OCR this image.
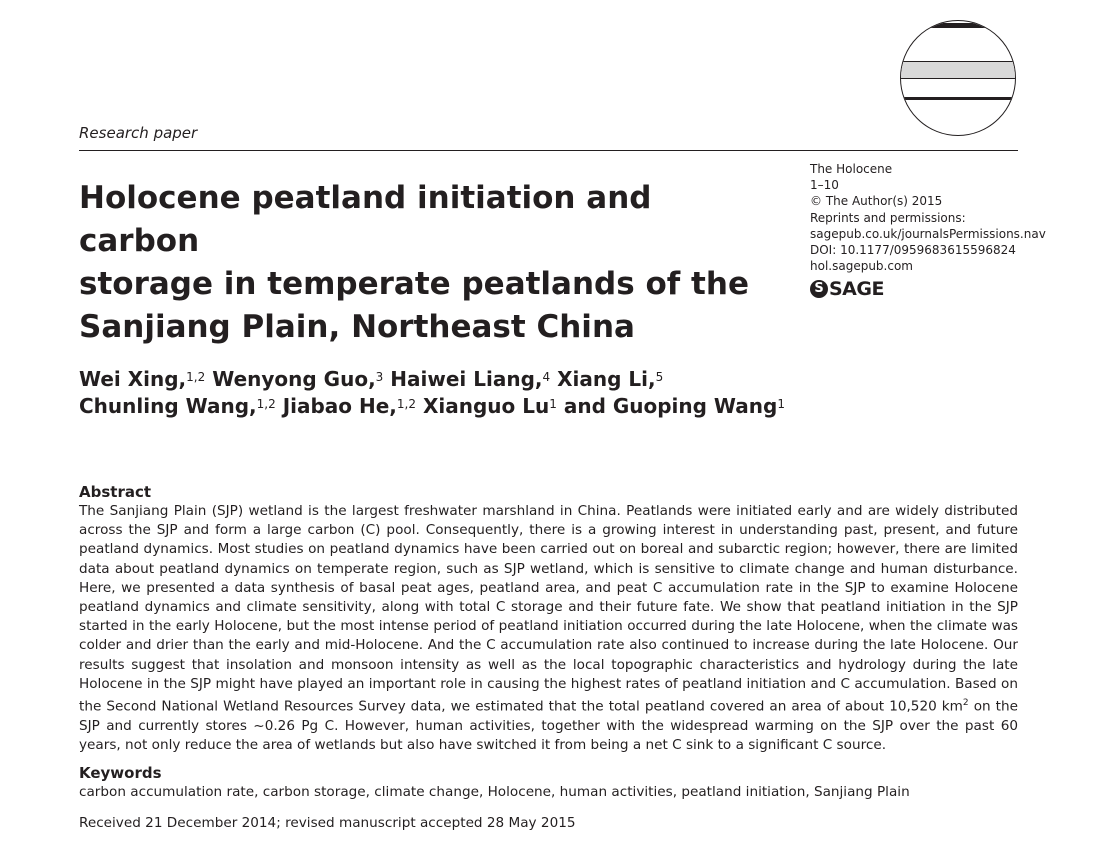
Research paper
Holocene peatland initiation and carbon
storage in temperate peatlands of the
Sanjiang Plain, Northeast China
The Holocene
1–10
© The Author(s) 2015
Reprints and permissions:
sagepub.co.uk/journalsPermissions.nav
DOI: 10.1177/0959683615596824
hol.sagepub.com
S SAGE
Wei Xing,$^{1,2}$ Wenyong Guo,$^3$ Haiwei Liang,$^4$ Xiang Li,$^5$
Chunling Wang,$^{1,2}$ Jiabao He,$^{1,2}$ Xianguo Lu$^1$ and Guoping Wang$^1$
Abstract
The Sanjiang Plain (SJP) wetland is the largest freshwater marshland in China. Peatlands were initiated early and are widely distributed across the SJP and form a large carbon (C) pool. Consequently, there is a growing interest in understanding past, present, and future peatland dynamics. Most studies on peatland dynamics have been carried out on boreal and subarctic region; however, there are limited data about peatland dynamics on temperate region, such as SJP wetland, which is sensitive to climate change and human disturbance. Here, we presented a data synthesis of basal peat ages, peatland area, and peat C accumulation rate in the SJP to examine Holocene peatland dynamics and climate sensitivity, along with total C storage and their future fate. We show that peatland initiation in the SJP started in the early Holocene, but the most intense period of peatland initiation occurred during the late Holocene, when the climate was colder and drier than the early and mid-Holocene. And the C accumulation rate also continued to increase during the late Holocene. Our results suggest that insolation and monsoon intensity as well as the local topographic characteristics and hydrology during the late Holocene in the SJP might have played an important role in causing the highest rates of peatland initiation and C accumulation. Based on the Second National Wetland Resources Survey data, we estimated that the total peatland covered an area of about 10,520 $km^2$ on the SJP and currently stores ~0.26 Pg C. However, human activities, together with the widespread warming on the SJP over the past 60 years, not only reduce the area of wetlands but also have switched it from being a net C sink to a significant C source.
Keywords
carbon accumulation rate, carbon storage, climate change, Holocene, human activities, peatland initiation, Sanjiang Plain
Received 21 December 2014; revised manuscript accepted 28 May 2015
